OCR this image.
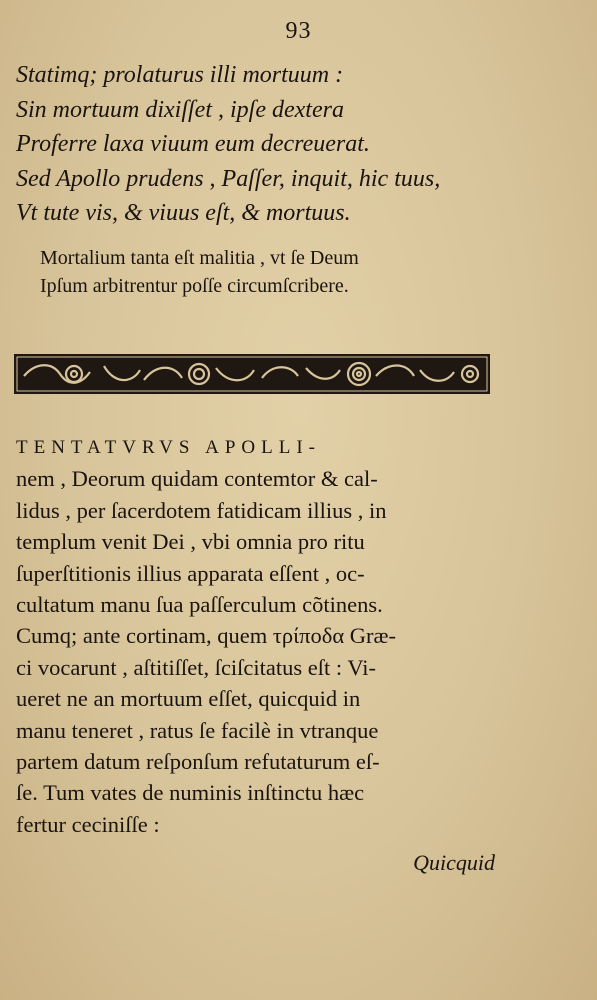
93
Statimq; prolaturus illi mortuum :
Sin mortuum dixiſſet , ipſe dextera
Proferre laxa viuum eum decreuerat.
Sed Apollo prudens , Paſſer, inquit, hic tuus,
Vt tute vis, & viuus eſt, & mortuus.
Mortalium tanta eſt malitia , vt ſe Deum
Ipſum arbitrentur poſſe circumſcribere.
TENTATVRVS APOLLI-
nem , Deorum quidam contemtor & cal-
lidus , per ſacerdotem fatidicam illius , in
templum venit Dei , vbi omnia pro ritu
ſuperſtitionis illius apparata eſſent , oc-
cultatum manu ſua paſſerculum cõtinens.
Cumq; ante cortinam, quem τρίποδα Græ-
ci vocarunt , aſtitiſſet, ſciſcitatus eſt : Vi-
ueret ne an mortuum eſſet, quicquid in
manu teneret , ratus ſe facilè in vtranque
partem datum reſponſum refutaturum eſ-
ſe. Tum vates de numinis inſtinctu hæc
fertur ceciniſſe :
Quicquid
